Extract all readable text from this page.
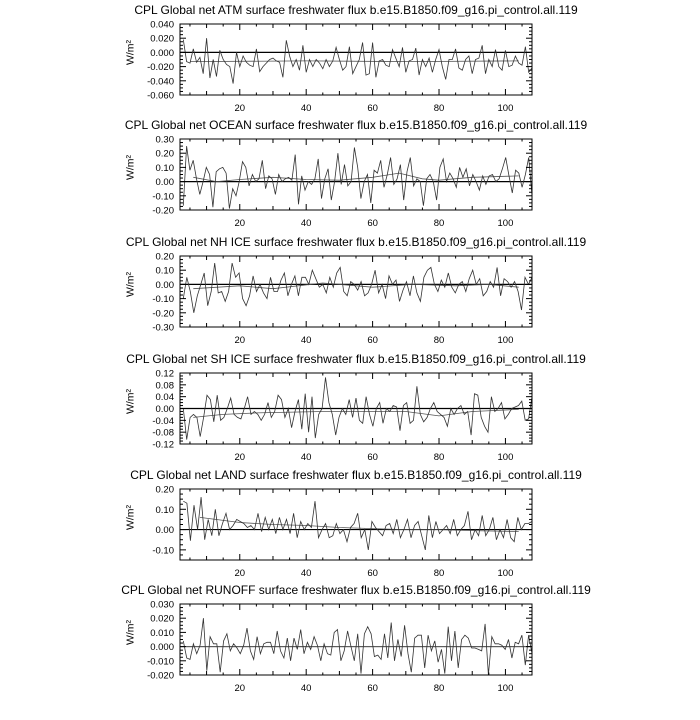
CPL Global net ATM surface freshwater flux b.e15.B1850.f09_g16.pi_control.all.119
W/m²
20	40	60	80	100
-0.060
-0.040
-0.020
0.000
0.020
0.040
CPL Global net OCEAN surface freshwater flux b.e15.B1850.f09_g16.pi_control.all.119
W/m²
20	40	60	80	100
-0.20
-0.10
0.00
0.10
0.20
0.30
CPL Global net NH ICE surface freshwater flux b.e15.B1850.f09_g16.pi_control.all.119
W/m²
20	40	60	80	100
-0.30
-0.20
-0.10
0.00
0.10
0.20
CPL Global net SH ICE surface freshwater flux b.e15.B1850.f09_g16.pi_control.all.119
W/m²
20	40	60	80	100
-0.12
-0.08
-0.04
0.00
0.04
0.08
0.12
CPL Global net LAND surface freshwater flux b.e15.B1850.f09_g16.pi_control.all.119
W/m²
20	40	60	80	100
-0.10
0.00
0.10
0.20
CPL Global net RUNOFF surface freshwater flux b.e15.B1850.f09_g16.pi_control.all.119
W/m²
20	40	60	80	100
-0.020
-0.010
0.000
0.010
0.020
0.030
